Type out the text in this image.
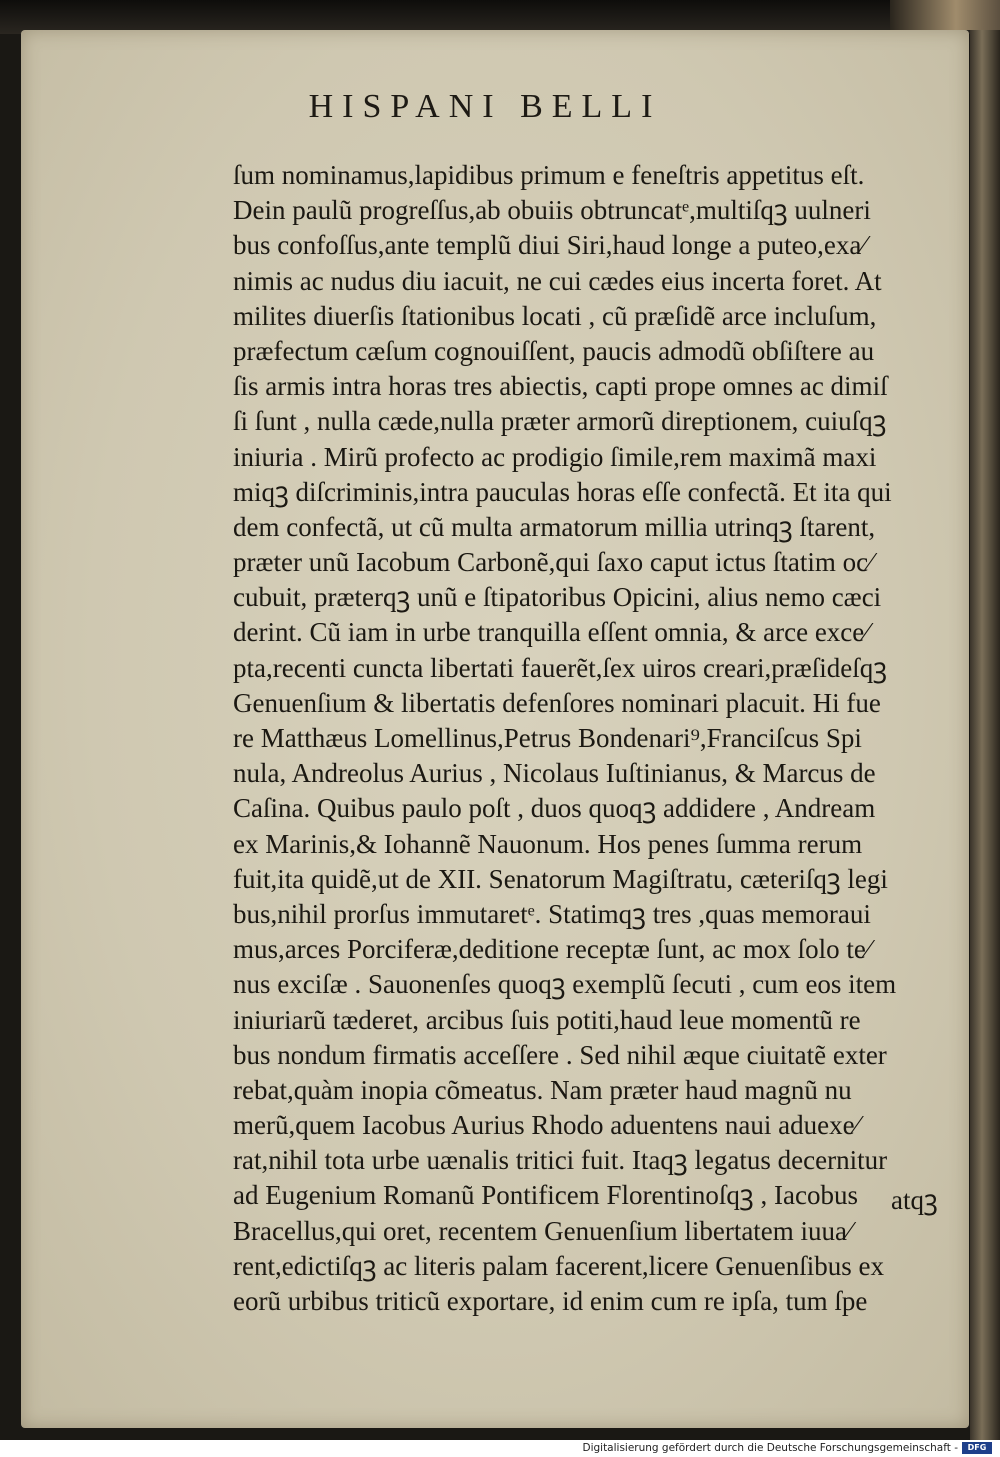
HISPANI BELLI
ſum nominamus,lapidibus primum e feneſtris appetitus eſt.
Dein paulũ progreſſus,ab obuiis obtruncatᵉ,multiſqꝫ uulneri
bus confoſſus,ante templũ diui Siri,haud longe a puteo,exa⁄
nimis ac nudus diu iacuit, ne cui cædes eius incerta foret. At
milites diuerſis ſtationibus locati , cũ præſidẽ arce incluſum,
præfectum cæſum cognouiſſent, paucis admodũ obſiſtere au
ſis armis intra horas tres abiectis, capti prope omnes ac dimiſ
ſi ſunt , nulla cæde,nulla præter armorũ direptionem, cuiuſqꝫ
iniuria . Mirũ profecto ac prodigio ſimile,rem maximã maxi
miqꝫ diſcriminis,intra pauculas horas eſſe confectã. Et ita qui
dem confectã, ut cũ multa armatorum millia utrinqꝫ ſtarent,
præter unũ Iacobum Carbonẽ,qui ſaxo caput ictus ſtatim oc⁄
cubuit, præterqꝫ unũ e ſtipatoribus Opicini, alius nemo cæci
derint. Cũ iam in urbe tranquilla eſſent omnia, & arce exce⁄
pta,recenti cuncta libertati fauerẽt,ſex uiros creari,præſideſqꝫ
Genuenſium & libertatis defenſores nominari placuit. Hi fue
re Matthæus Lomellinus,Petrus Bondenari⁹,Franciſcus Spi
nula, Andreolus Aurius , Nicolaus Iuſtinianus, & Marcus de
Caſina. Quibus paulo poſt , duos quoqꝫ addidere , Andream
ex Marinis,& Iohannẽ Nauonum. Hos penes ſumma rerum
fuit,ita quidẽ,ut de XII. Senatorum Magiſtratu, cæteriſqꝫ legi
bus,nihil prorſus immutaretᵉ. Statimqꝫ tres ,quas memoraui
mus,arces Porciferæ,deditione receptæ ſunt, ac mox ſolo te⁄
nus exciſæ . Sauonenſes quoqꝫ exemplũ ſecuti , cum eos item
iniuriarũ tæderet, arcibus ſuis potiti,haud leue momentũ re
bus nondum firmatis acceſſere . Sed nihil æque ciuitatẽ exter
rebat,quàm inopia cõmeatus. Nam præter haud magnũ nu
merũ,quem Iacobus Aurius Rhodo aduentens naui aduexe⁄
rat,nihil tota urbe uænalis tritici fuit. Itaqꝫ legatus decernitur
ad Eugenium Romanũ Pontificem Florentinoſqꝫ , Iacobus
Bracellus,qui oret, recentem Genuenſium libertatem iuua⁄
rent,edictiſqꝫ ac literis palam facerent,licere Genuenſibus ex
eorũ urbibus triticũ exportare, id enim cum re ipſa, tum ſpe
atqꝫ
Digitalisierung gefördert durch die Deutsche Forschungsgemeinschaft -	DFG
